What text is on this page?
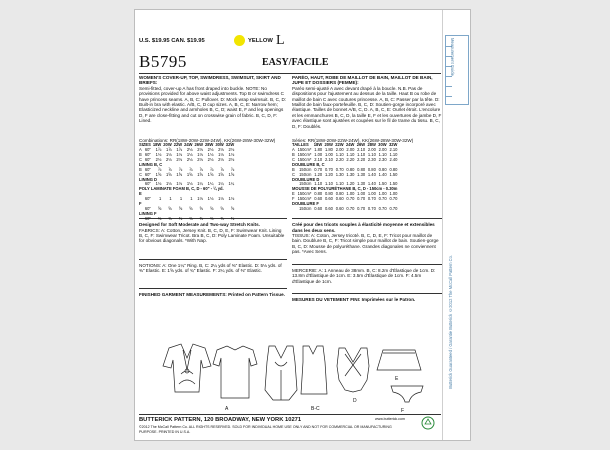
U.S. $19.95 CAN. $19.95	YELLOW L
B5795	EASY/FACILE
WOMEN'S COVER-UP, TOP, SWIMDRESS, SWIMSUIT, SKIRT AND BRIEFS:
Semi-fitted, cover-up A has front draped into buckle. NOTE: No provisions provided for above waist adjustments. Top B or swimdress C have princess seams. A, B, C: Pullover. D: Mock wrap swimsuit. B, C, D: Built-in bra with elastic. A/B, C, D cup sizes. A, B, C, E: Narrow hem; Elasticized neckline and armholes B, C, D; waist E, F and leg openings D, F are close-fitting and cut on crosswise grain of fabric. B, C, D, F: Lined.
Combinations: RR(18W-20W-22W-24W), KK(26W-28W-30W-32W)
SIZES		18W	20W	22W	24W	26W	28W	30W	32W
A	60"	1⅞	1⅞	1⅞	2⅛	2⅛	2⅛	2⅛	2⅛
B	60"	1⅛	1⅛	1⅛	1⅛	1⅛	1⅛	1⅛	1⅛
C	60"	2⅛	2⅛	2⅛	2⅛	2⅛	2⅛	2⅛	2⅛
LINING B, C									
B	60"	⅞	⅞	⅞	⅞	⅞	⅞	⅞	⅞
C	60"	1⅝	1⅝	1⅝	1⅝	1⅝	1⅝	1⅝	1⅝
LINING D									
	60"	1⅛	1⅛	1⅛	1⅛	1¼	1¼	1¼	1¼
POLY LAMINATE FOAM B, C, D - 60" - ¼ yd.									
E									
	60"	1	1	1	1	1⅛	1⅛	1⅛	1⅛
F									
	60"	⅝	⅝	⅝	⅝	⅝	⅝	⅝	⅝
LINING F									
	60"	⅜	⅜	⅜	⅜	⅜	⅜	⅜	⅜
Designed for Soft Moderate and Two-way Stretch Knits.
FABRICS: A: Cotton, Jersey Knit. B, C, D, E, F: Swimwear Knit. Lining B, C, F: Swimwear Tricot. Bra B, C, D: Poly Laminate Foam. Unsuitable for obvious diagonals. *With Nap.
NOTIONS: A: One 1¼" Ring. B, C: 2¼ yds of ⅜" Elastic. D: 5⅛ yds. of ⅜" Elastic. E: 1⅝ yds. of ¾" Elastic. F: 2¼ yds. of ⅜" Elastic.
FINISHED GARMENT MEASUREMENTS: Printed on Pattern Tissue.
PARÉO, HAUT, ROBE DE MAILLOT DE BAIN, MAILLOT DE BAIN, JUPE ET DOSSIERS (FEMME):
Paréo semi-ajusté A avec devant drapé à la boucle. N.B. Pas de dispositions pour l'ajustement au dessus de la taille. Haut B ou robe de maillot de bain C avec coutures princesse. A, B, C: Passer par la tête. D: Maillot de bain faux-portefeuille. B, C, D: Soutien-gorge incorporé avec élastique. Tailles de bonnet A/B, C, D. A, B, C, E: Ourlet étroit. L'encolure et les emmanchures B, C, D, la taille E, F et les ouvertures de jambe D, F avec élastique sont ajustées et coupées sur le fil de trame du tissu. B, C, D, F: Doublés.
Séries: RR(18W-20W-22W-24W), KK(26W-28W-30W-32W)
TAILLES		18W	20W	22W	24W	26W	28W	30W	32W
A	150cm*	1.80	1.80	2.00	2.00	2.10	2.00	2.00	2.10
B	150cm*	1.00	1.00	1.10	1.10	1.10	1.10	1.10	1.10
C	150cm*	2.10	2.10	2.20	2.20	2.20	2.30	2.30	2.40
DOUBLURE B, C									
B	150cm	0.70	0.70	0.70	0.80	0.80	0.80	0.80	0.80
C	150cm	1.20	1.20	1.30	1.30	1.30	1.40	1.40	1.50
DOUBLURE D									
	150cm	1.10	1.10	1.10	1.20	1.30	1.40	1.50	1.50
MOUSSE DE POLYURÉTHANE B, C, D - 150cm - 0.30m									
E	150cm*	0.80	0.80	0.80	1.00	1.00	1.00	1.00	1.00
F	150cm*	0.60	0.60	0.60	0.70	0.70	0.70	0.70	0.70
DOUBLURE F									
	150cm	0.60	0.60	0.60	0.70	0.70	0.70	0.70	0.70
Créé pour des tricots souples à élasticité moyenne et extensibles dans les deux sens.
TISSUS: A: Coton, Jersey tricoté. B, C, D, E, F: Tricot pour maillot de bain. Doublure B, C, F: Tricot simple pour maillot de bain. Soutien-gorge B, C, D: Mousse de polyuréthane. Grandes diagonales ne conviennent pas. *Avec Sens.
MERCERIE: A: 1 Anneau de 38mm. B, C: 8.2m d'Élastique de 1cm. D: 13.8m d'Élastique de 1cm. E: 3.5m d'Élastique de 1cm. F: 4.5m d'Élastique de 1cm.
MESURES DU VETEMENT FINI: Imprimées sur le Patron.
A	B-C
D
E
F
BUTTERICK PATTERN, 120 BROADWAY, NEW YORK 10271
©2012 The McCall Pattern Co. ALL RIGHTS RESERVED. SOLD FOR INDIVIDUAL HOME USE ONLY AND NOT FOR COMMERCIAL OR MANUFACTURING PURPOSE. PRINTED IN U.S.A.
www.butterick.com
Measurement Guide
Butterick Guaranteed / Garantie Butterick ©2012 The McCall Pattern Co.
